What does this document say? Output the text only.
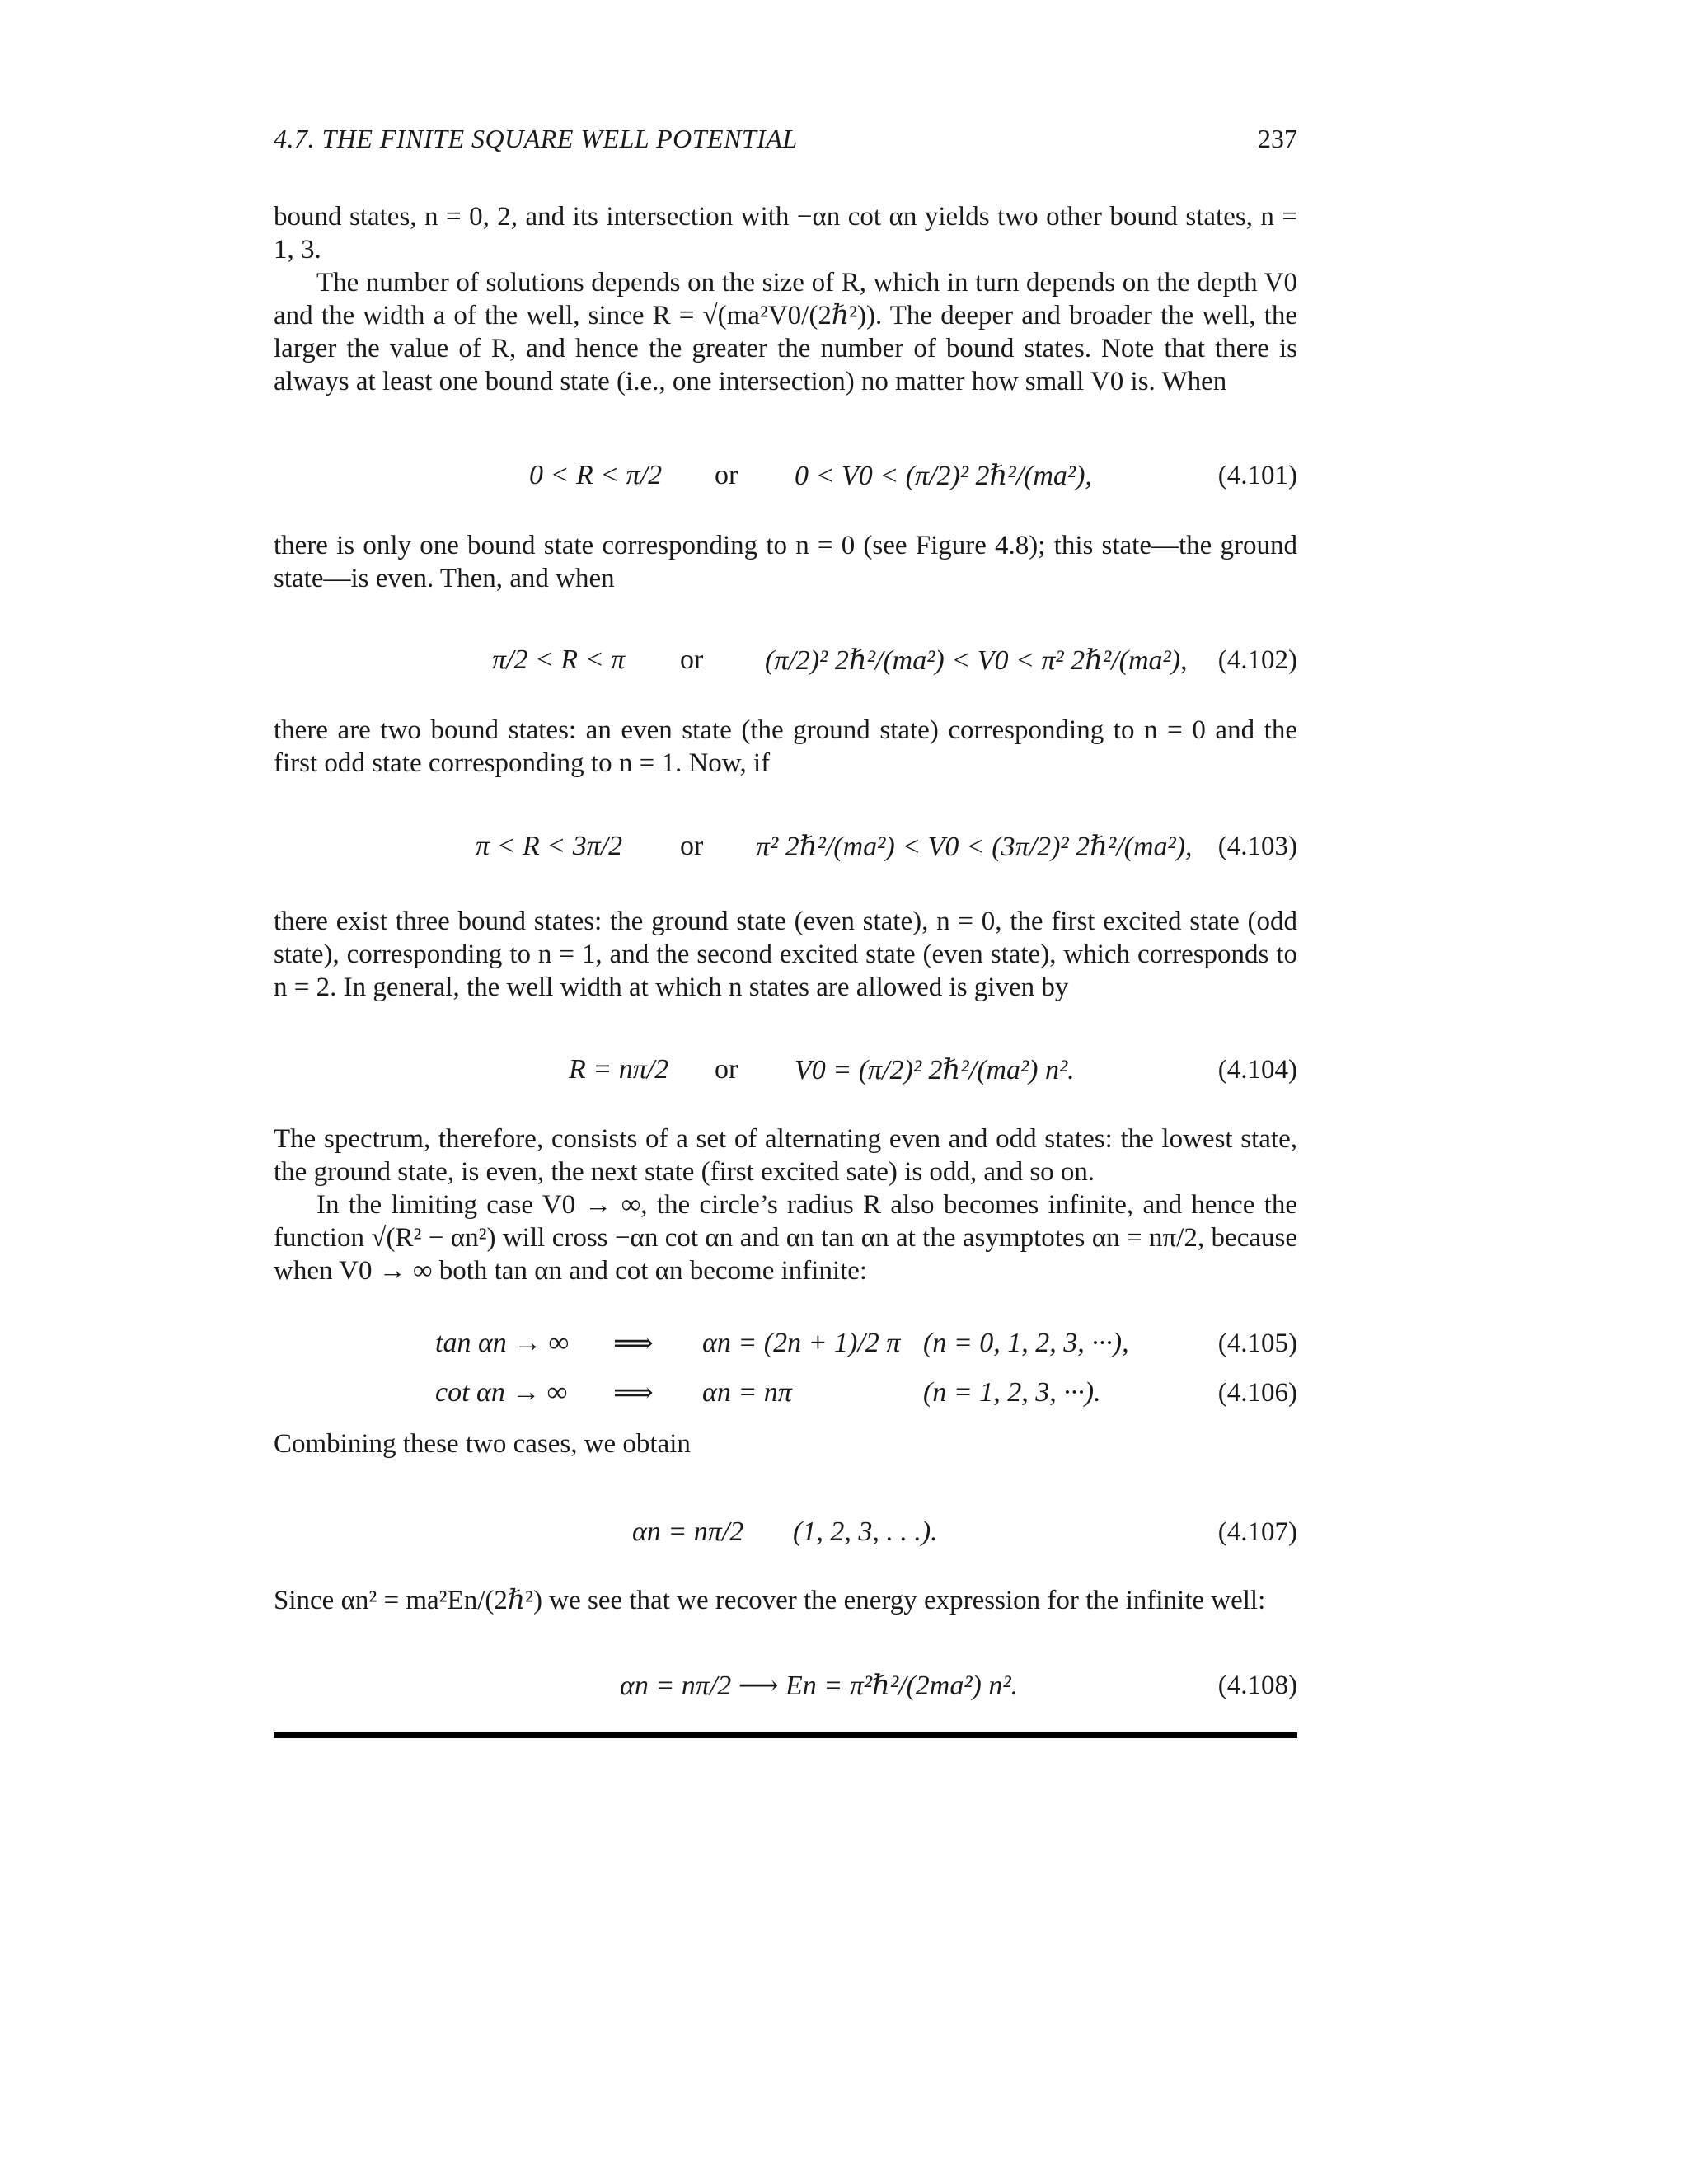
4.7. THE FINITE SQUARE WELL POTENTIAL	237
bound states, n = 0, 2, and its intersection with −αn cot αn yields two other bound states, n = 1, 3.
The number of solutions depends on the size of R, which in turn depends on the depth V0 and the width a of the well, since R = √(ma²V0/(2ℏ²)). The deeper and broader the well, the larger the value of R, and hence the greater the number of bound states. Note that there is always at least one bound state (i.e., one intersection) no matter how small V0 is. When
0 < R < π/2 or 0 < V0 < (π/2)² 2ℏ²/(ma²),	(4.101)
there is only one bound state corresponding to n = 0 (see Figure 4.8); this state—the ground state—is even. Then, and when
π/2 < R < π or (π/2)² 2ℏ²/(ma²) < V0 < π² 2ℏ²/(ma²), (4.102)
there are two bound states: an even state (the ground state) corresponding to n = 0 and the first odd state corresponding to n = 1. Now, if
π < R < 3π/2 or π² 2ℏ²/(ma²) < V0 < (3π/2)² 2ℏ²/(ma²), (4.103)
there exist three bound states: the ground state (even state), n = 0, the first excited state (odd state), corresponding to n = 1, and the second excited state (even state), which corresponds to n = 2. In general, the well width at which n states are allowed is given by
R = nπ/2 or V0 = (π/2)² 2ℏ²/(ma²) n².	(4.104)
The spectrum, therefore, consists of a set of alternating even and odd states: the lowest state, the ground state, is even, the next state (first excited sate) is odd, and so on.
In the limiting case V0 → ∞, the circle’s radius R also becomes infinite, and hence the function √(R² − αn²) will cross −αn cot αn and αn tan αn at the asymptotes αn = nπ/2, because when V0 → ∞ both tan αn and cot αn become infinite:
tan αn → ∞ ⟹ αn = (2n + 1)/2 π (n = 0, 1, 2, 3, ···),	(4.105)
cot αn → ∞ ⟹ αn = nπ	(n = 1, 2, 3, ···).	(4.106)
Combining these two cases, we obtain
αn = nπ/2 (1, 2, 3, . . .).	(4.107)
Since αn² = ma²En/(2ℏ²) we see that we recover the energy expression for the infinite well:
αn = nπ/2 ⟶ En = π²ℏ²/(2ma²) n².	(4.108)
